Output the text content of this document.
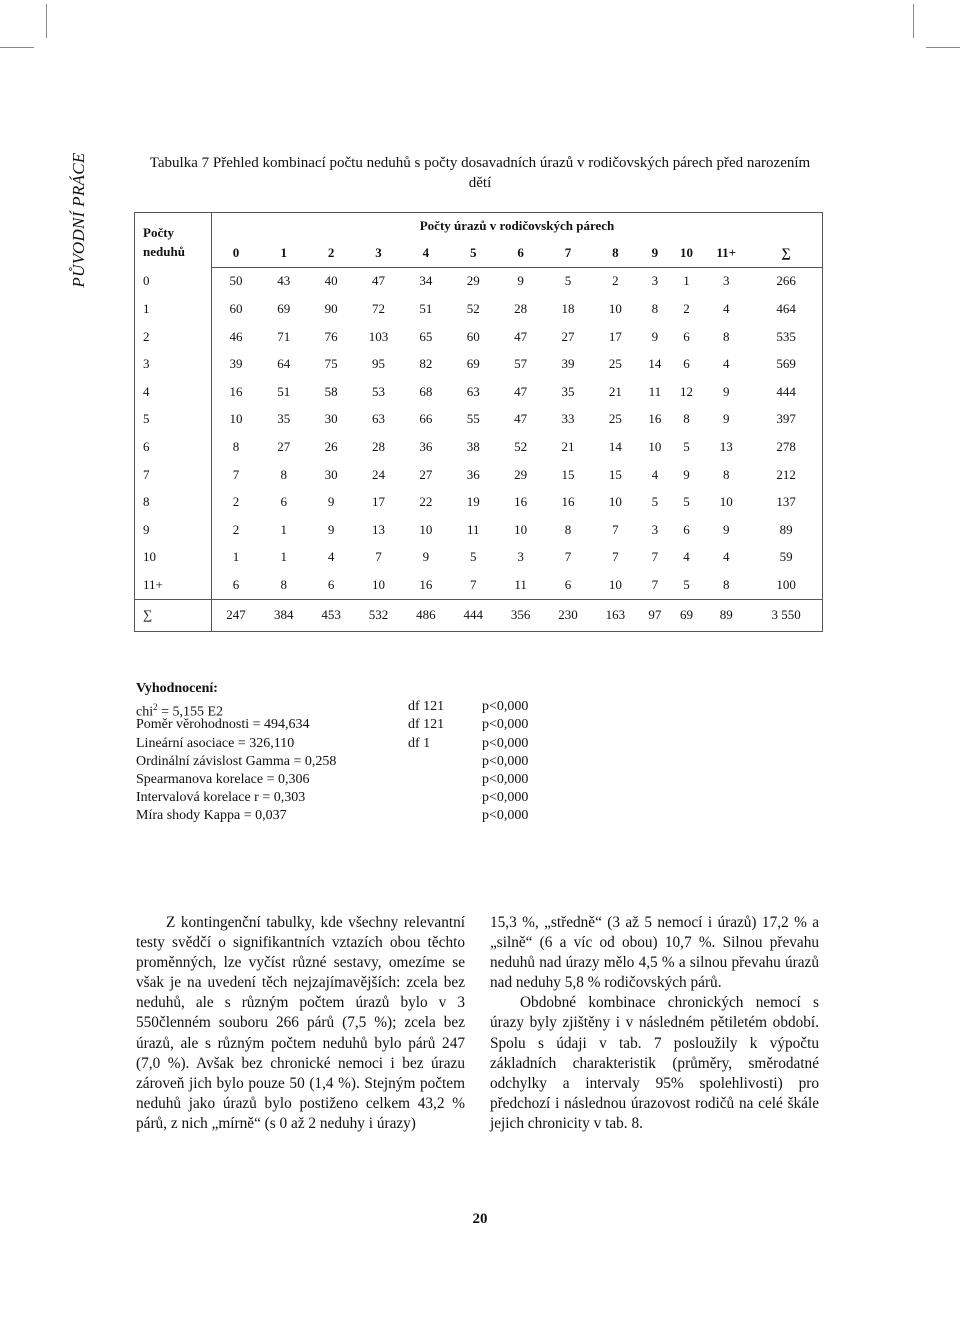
PŮVODNÍ PRÁCE	Tabulka 7 Přehled kombinací počtu neduhů s počty dosavadních úrazů v rodičovských párech před narozením dětí
Počty
neduhů	Počty úrazů v rodičovských párech												
	0	1	2	3	4	5	6	7	8	9	10	11+	∑
0	50	43	40	47	34	29	9	5	2	3	1	3	266
1	60	69	90	72	51	52	28	18	10	8	2	4	464
2	46	71	76	103	65	60	47	27	17	9	6	8	535
3	39	64	75	95	82	69	57	39	25	14	6	4	569
4	16	51	58	53	68	63	47	35	21	11	12	9	444
5	10	35	30	63	66	55	47	33	25	16	8	9	397
6	8	27	26	28	36	38	52	21	14	10	5	13	278
7	7	8	30	24	27	36	29	15	15	4	9	8	212
8	2	6	9	17	22	19	16	16	10	5	5	10	137
9	2	1	9	13	10	11	10	8	7	3	6	9	89
10	1	1	4	7	9	5	3	7	7	7	4	4	59
11+	6	8	6	10	16	7	11	6	10	7	5	8	100
∑	247	384	453	532	486	444	356	230	163	97	69	89	3 550
Vyhodnocení:
chi$^2$ = 5,155 E2	df 121	p<0,000
Poměr věrohodnosti = 494,634	df 121	p<0,000
Lineární asociace = 326,110	df 1	p<0,000
Ordinální závislost Gamma = 0,258	p<0,000
Spearmanova korelace = 0,306	p<0,000
Intervalová korelace r = 0,303	p<0,000
Míra shody Kappa = 0,037	p<0,000

Z kontingenční tabulky, kde všechny relevantní testy svědčí o signifikantních vztazích obou těchto proměnných, lze vyčíst různé sestavy, omezíme se však je na uvedení těch nejzajímavějších: zcela bez neduhů, ale s různým počtem úrazů bylo v 3 550členném souboru 266 párů (7,5 %); zcela bez úrazů, ale s různým počtem neduhů bylo párů 247 (7,0 %). Avšak bez chronické nemoci i bez úrazu zároveň jich bylo pouze 50 (1,4 %). Stejným počtem neduhů jako úrazů bylo postiženo celkem 43,2 % párů, z nich „mírně“ (s 0 až 2 neduhy i úrazy)

15,3 %, „středně“ (3 až 5 nemocí i úrazů) 17,2 % a „silně“ (6 a víc od obou) 10,7 %. Silnou převahu neduhů nad úrazy mělo 4,5 % a silnou převahu úrazů nad neduhy 5,8 % rodičovských párů.

Obdobné kombinace chronických nemocí s úrazy byly zjištěny i v následném pětiletém období. Spolu s údaji v tab. 7 posloužily k výpočtu základních charakteristik (průměry, směrodatné odchylky a intervaly 95% spolehlivosti) pro předchozí i následnou úrazovost rodičů na celé škále jejich chronicity v tab. 8.

20
